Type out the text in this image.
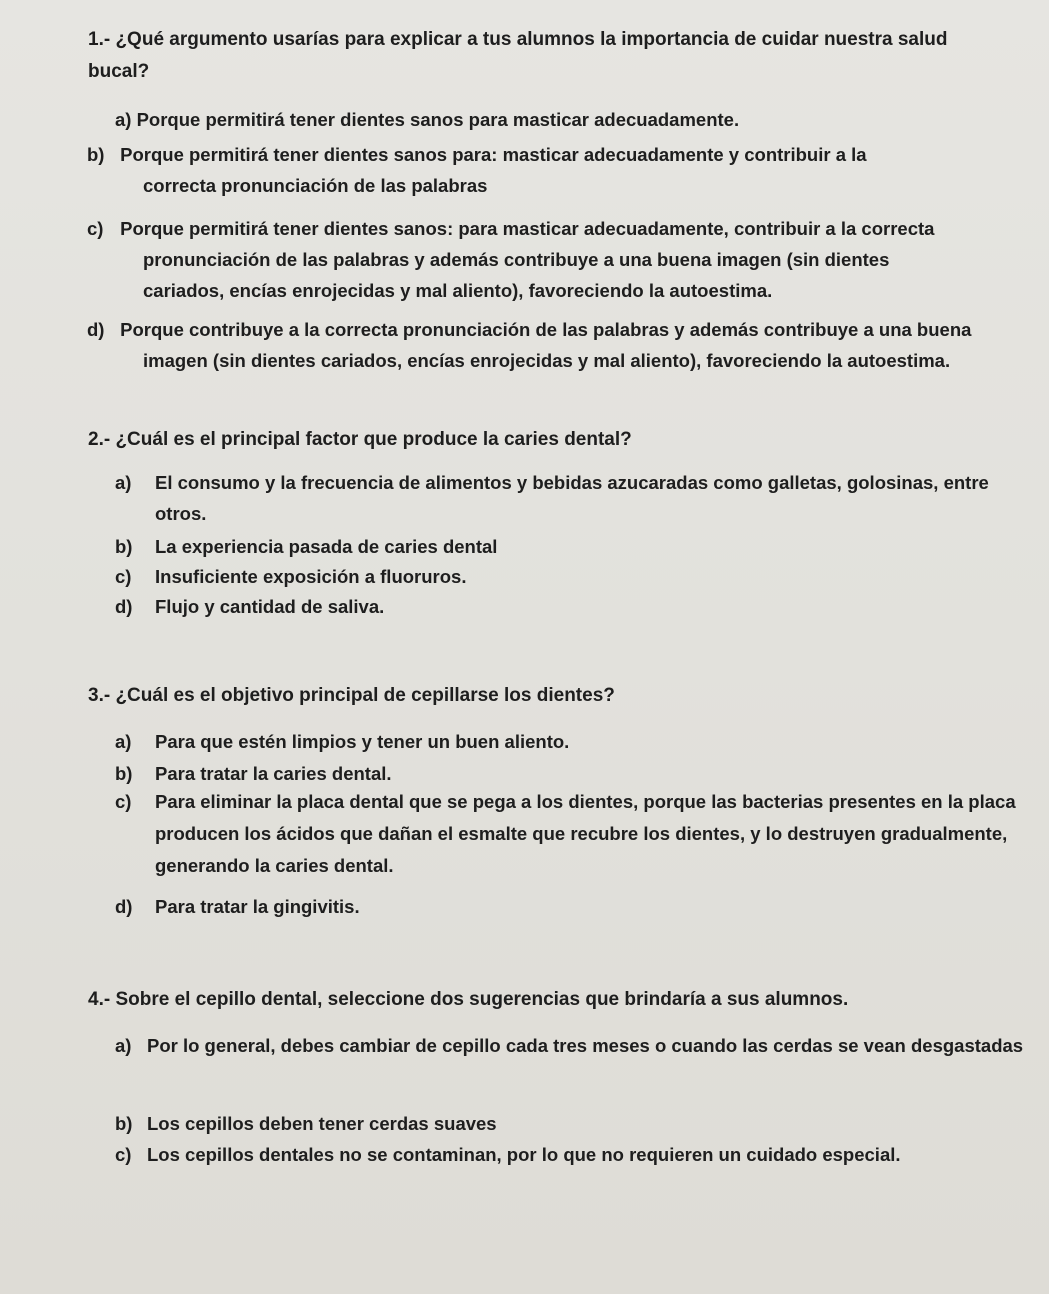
1.- ¿Qué argumento usarías para explicar a tus alumnos la importancia de cuidar nuestra salud bucal?
a) Porque permitirá tener dientes sanos para masticar adecuadamente.
b) Porque permitirá tener dientes sanos para: masticar adecuadamente y contribuir a la correcta pronunciación de las palabras
c) Porque permitirá tener dientes sanos: para masticar adecuadamente, contribuir a la correcta pronunciación de las palabras y además contribuye a una buena imagen (sin dientes cariados, encías enrojecidas y mal aliento), favoreciendo la autoestima.
d) Porque contribuye a la correcta pronunciación de las palabras y además contribuye a una buena imagen (sin dientes cariados, encías enrojecidas y mal aliento), favoreciendo la autoestima.
2.- ¿Cuál es el principal factor que produce la caries dental?
a) El consumo y la frecuencia de alimentos y bebidas azucaradas como galletas, golosinas, entre otros.
b) La experiencia pasada de caries dental
c) Insuficiente exposición a fluoruros.
d) Flujo y cantidad de saliva.
3.- ¿Cuál es el objetivo principal de cepillarse los dientes?
a) Para que estén limpios y tener un buen aliento.
b) Para tratar la caries dental.
c) Para eliminar la placa dental que se pega a los dientes, porque las bacterias presentes en la placa producen los ácidos que dañan el esmalte que recubre los dientes, y lo destruyen gradualmente, generando la caries dental.
d) Para tratar la gingivitis.
4.- Sobre el cepillo dental, seleccione dos sugerencias que brindaría a sus alumnos.
a) Por lo general, debes cambiar de cepillo cada tres meses o cuando las cerdas se vean desgastadas
b) Los cepillos deben tener cerdas suaves
c) Los cepillos dentales no se contaminan, por lo que no requieren un cuidado especial.
